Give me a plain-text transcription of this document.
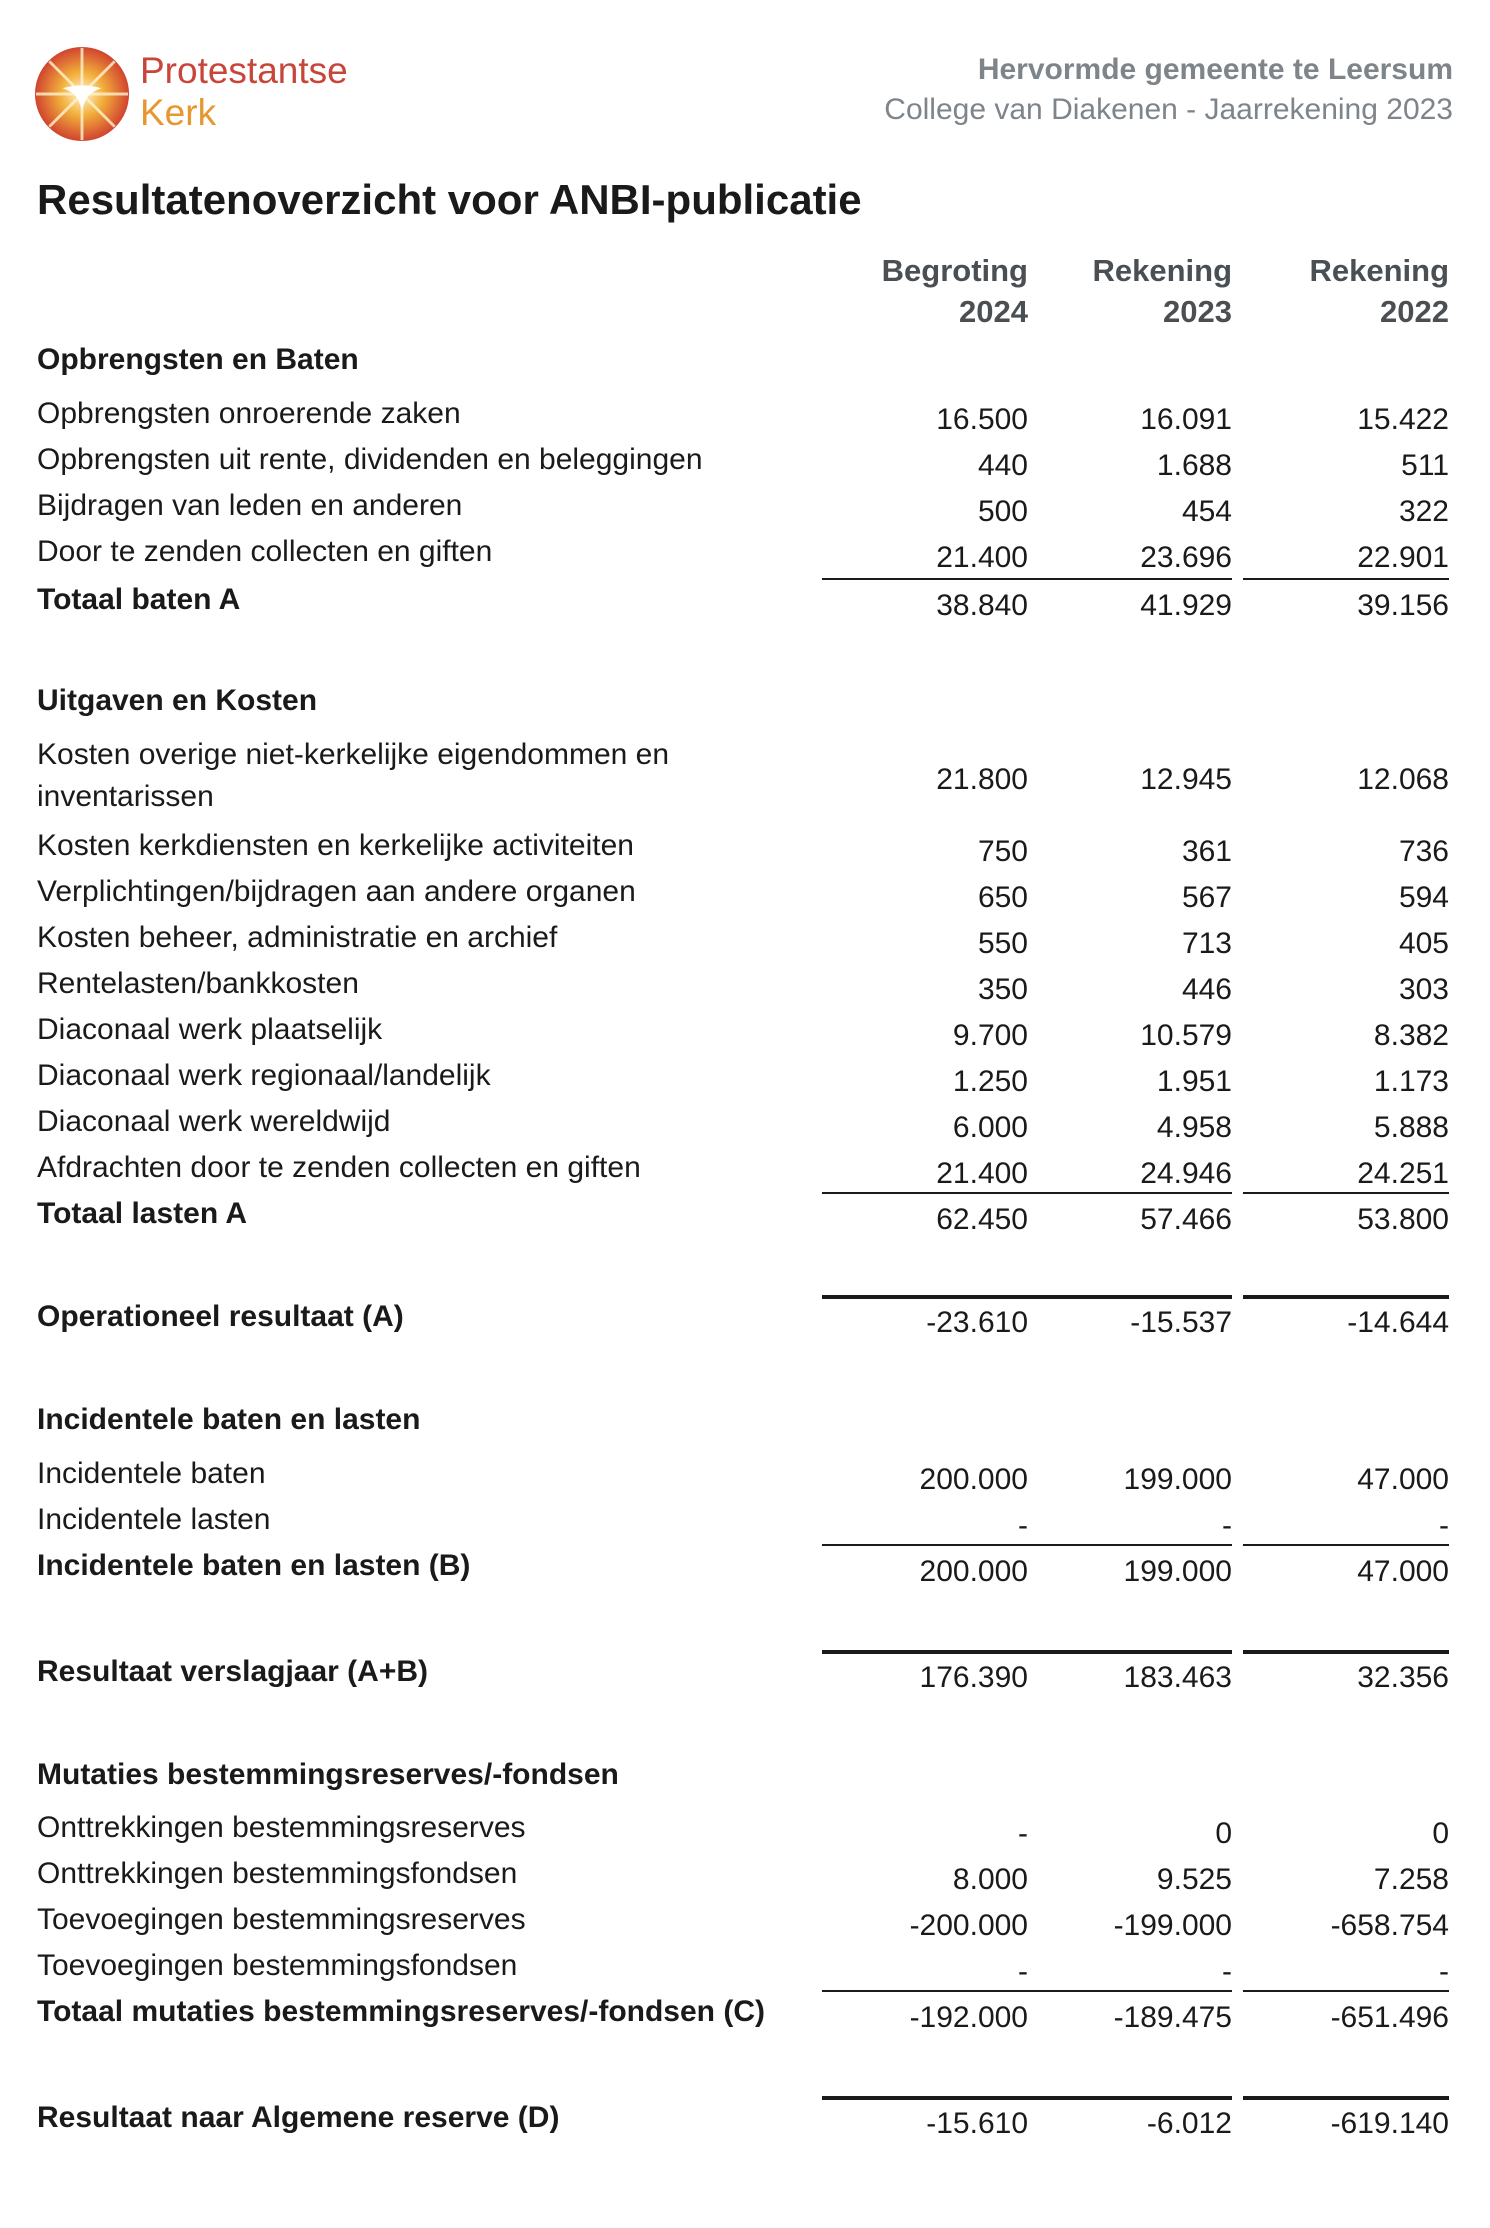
Protestantse
Kerk
Hervormde gemeente te Leersum
College van Diakenen - Jaarrekening 2023
Resultatenoverzicht voor ANBI-publicatie
Begroting
2024
Rekening
2023
Rekening
2022
Opbrengsten en Baten
Opbrengsten onroerende zaken	16.500	16.091	15.422
Opbrengsten uit rente, dividenden en beleggingen	440	1.688	511
Bijdragen van leden en anderen	500	454	322
Door te zenden collecten en giften	21.400	23.696	22.901
Totaal baten A	38.840	41.929	39.156
Uitgaven en Kosten
Kosten overige niet-kerkelijke eigendommen en inventarissen
21.800	12.945	12.068
Kosten kerkdiensten en kerkelijke activiteiten	750	361	736
Verplichtingen/bijdragen aan andere organen	650	567	594
Kosten beheer, administratie en archief	550	713	405
Rentelasten/bankkosten	350	446	303
Diaconaal werk plaatselijk	9.700	10.579	8.382
Diaconaal werk regionaal/landelijk	1.250	1.951	1.173
Diaconaal werk wereldwijd	6.000	4.958	5.888
Afdrachten door te zenden collecten en giften	21.400	24.946	24.251
Totaal lasten A	62.450	57.466	53.800
Operationeel resultaat (A)	-23.610	-15.537	-14.644
Incidentele baten en lasten
Incidentele baten	200.000	199.000	47.000
Incidentele lasten	-	-	-
Incidentele baten en lasten (B)	200.000	199.000	47.000
Resultaat verslagjaar (A+B)	176.390	183.463	32.356
Mutaties bestemmingsreserves/-fondsen
Onttrekkingen bestemmingsreserves	-	0	0
Onttrekkingen bestemmingsfondsen	8.000	9.525	7.258
Toevoegingen bestemmingsreserves	-200.000	-199.000	-658.754
Toevoegingen bestemmingsfondsen	-	-	-
Totaal mutaties bestemmingsreserves/-fondsen (C)	-192.000	-189.475	-651.496
Resultaat naar Algemene reserve (D)	-15.610	-6.012	-619.140
